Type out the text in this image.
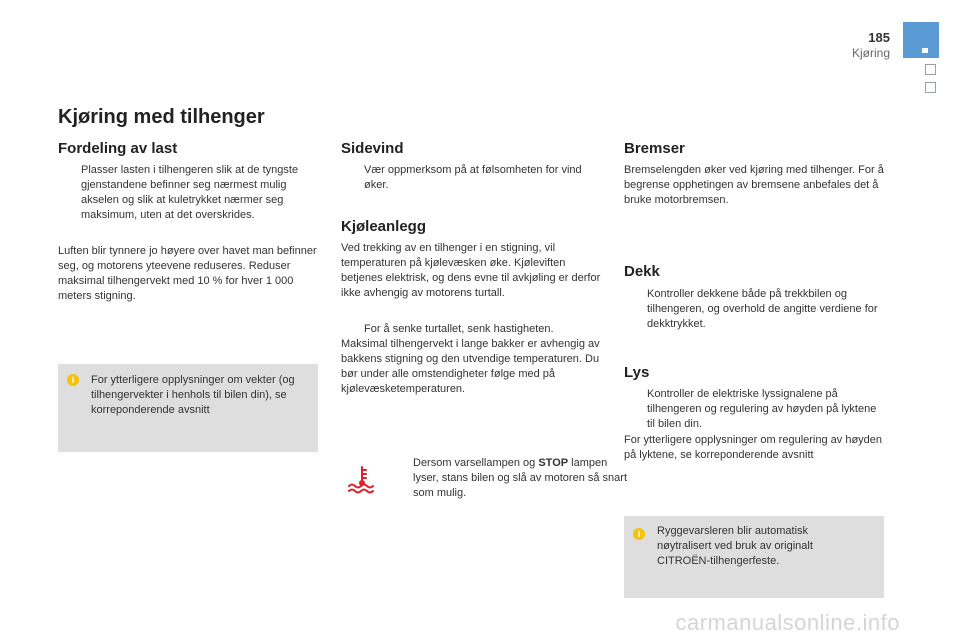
185
Kjøring
Kjøring med tilhenger
Fordeling av last
Plasser lasten i tilhengeren slik at de tyngste gjenstandene befinner seg nærmest mulig akselen og slik at kuletrykket nærmer seg maksimum, uten at det overskrides.
Luften blir tynnere jo høyere over havet man befinner seg, og motorens yteevene reduseres. Reduser maksimal tilhengervekt med 10 % for hver 1 000 meters stigning.
i	For ytterligere opplysninger om vekter (og tilhengervekter i henhols til bilen din), se korreponderende avsnitt
Sidevind
Vær oppmerksom på at følsomheten for vind øker.
Kjøleanlegg
Ved trekking av en tilhenger i en stigning, vil temperaturen på kjølevæsken øke. Kjøleviften betjenes elektrisk, og dens evne til avkjøling er derfor ikke avhengig av motorens turtall.
For å senke turtallet, senk hastigheten.
Maksimal tilhengervekt i lange bakker er avhengig av bakkens stigning og den utvendige temperaturen. Du bør under alle omstendigheter følge med på kjølevæsketemperaturen.
Dersom varsellampen og STOP lampen lyser, stans bilen og slå av motoren så snart som mulig.
Bremser
Bremselengden øker ved kjøring med tilhenger. For å begrense opphetingen av bremsene anbefales det å bruke motorbremsen.
Dekk
Kontroller dekkene både på trekkbilen og tilhengeren, og overhold de angitte verdiene for dekktrykket.
Lys
Kontroller de elektriske lyssignalene på tilhengeren og regulering av høyden på lyktene til bilen din.
For ytterligere opplysninger om regulering av høyden på lyktene, se korreponderende avsnitt
i	Ryggevarsleren blir automatisk nøytralisert ved bruk av originalt CITROËN-tilhengerfeste.
carmanualsonline.info
